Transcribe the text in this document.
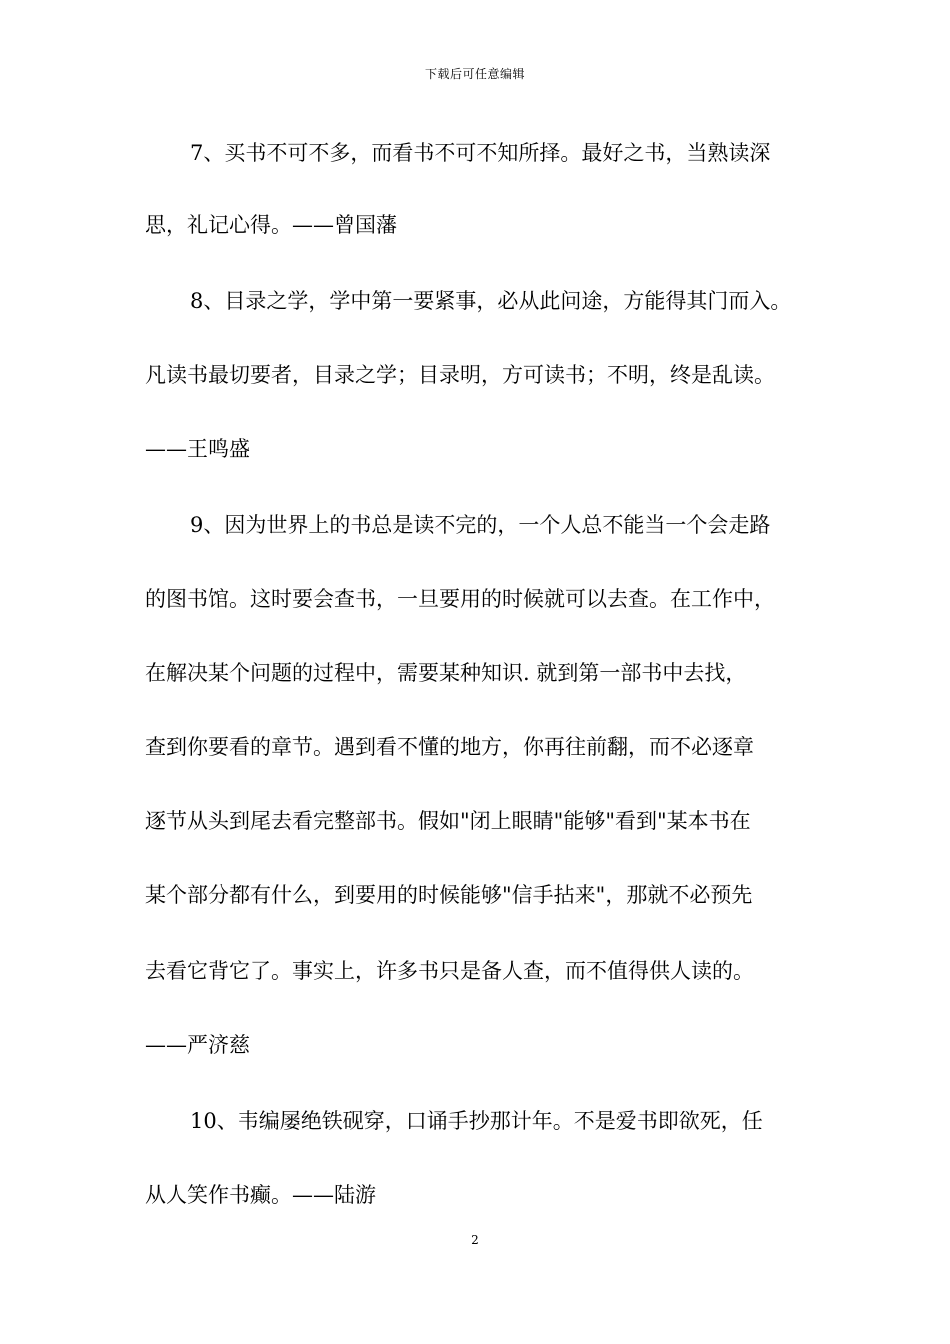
下载后可任意编辑
7、买书不可不多，而看书不可不知所择。最好之书，当熟读深
思，礼记心得。——曾国藩
8、目录之学，学中第一要紧事，必从此问途，方能得其门而入。
凡读书最切要者，目录之学；目录明，方可读书；不明，终是乱读。
——王鸣盛
9、因为世界上的书总是读不完的，一个人总不能当一个会走路
的图书馆。这时要会查书，一旦要用的时候就可以去查。在工作中，
在解决某个问题的过程中，需要某种知识. 就到第一部书中去找，
查到你要看的章节。遇到看不懂的地方，你再往前翻，而不必逐章
逐节从头到尾去看完整部书。假如"闭上眼睛"能够"看到"某本书在
某个部分都有什么，到要用的时候能够"信手拈来"，那就不必预先
去看它背它了。事实上，许多书只是备人查，而不值得供人读的。
——严济慈
10、韦编屡绝铁砚穿，口诵手抄那计年。不是爱书即欲死，任
从人笑作书癫。——陆游
2
